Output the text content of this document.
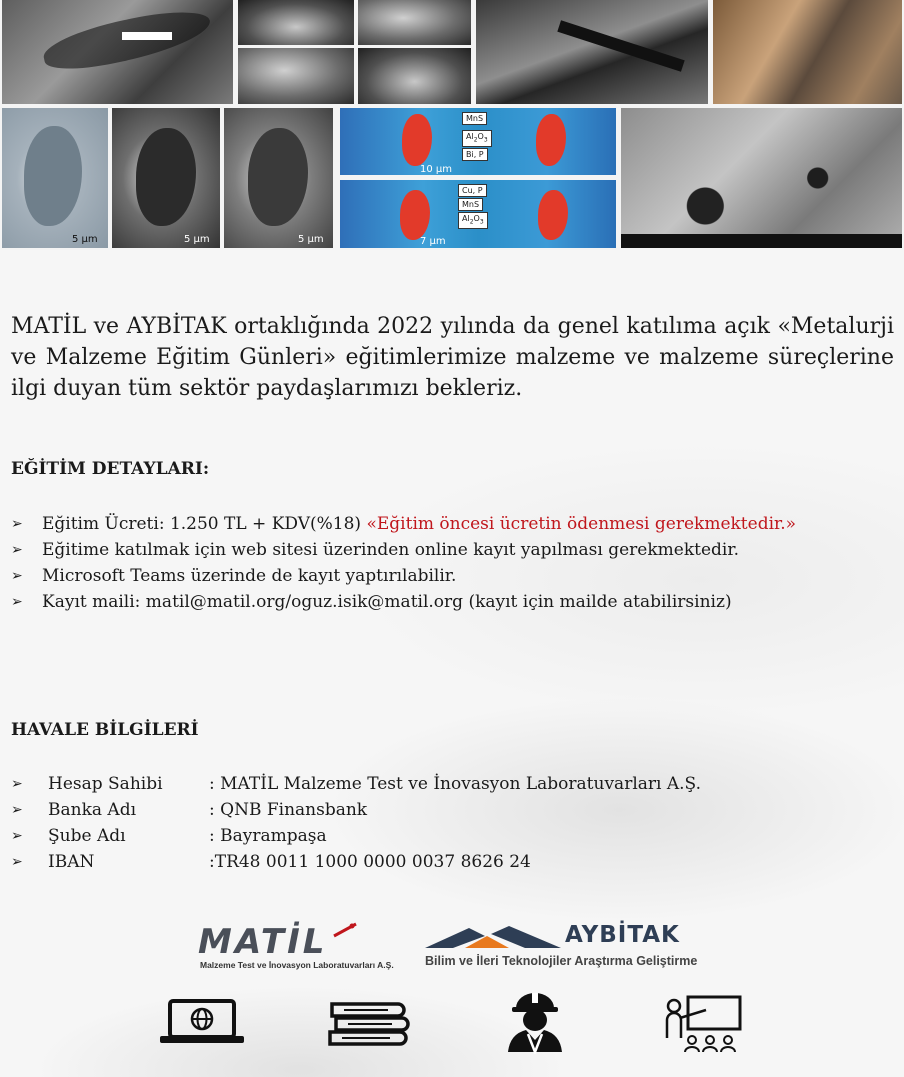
5 µm	5 µm	5 µm
MnS
$Al_2O_3$
Bi, P
10 µm
Cu, P
MnS
$Al_2O_3$
7 µm

MATİL ve AYBİTAK ortaklığında 2022 yılında da genel katılıma açık «Metalurji ve Malzeme Eğitim Günleri» eğitimlerimize malzeme ve malzeme süreçlerine ilgi duyan tüm sektör paydaşlarımızı bekleriz.

EĞİTİM DETAYLARI:
➢ Eğitim Ücreti: 1.250 TL + KDV(%18) «Eğitim öncesi ücretin ödenmesi gerekmektedir.»
➢ Eğitime katılmak için web sitesi üzerinden online kayıt yapılması gerekmektedir.
➢ Microsoft Teams üzerinde de kayıt yaptırılabilir.
➢ Kayıt maili: matil@matil.org/oguz.isik@matil.org (kayıt için mailde atabilirsiniz)
HAVALE BİLGİLERİ
➢ Hesap Sahibi	: MATİL Malzeme Test ve İnovasyon Laboratuvarları A.Ş.
➢ Banka Adı	: QNB Finansbank
➢ Şube Adı	: Bayrampaşa
➢ IBAN	:TR48 0011 1000 0000 0037 8626 24
MATİL
Malzeme Test ve İnovasyon Laboratuvarları A.Ş.
AYBİTAK
Bilim ve İleri Teknolojiler Araştırma Geliştirme
